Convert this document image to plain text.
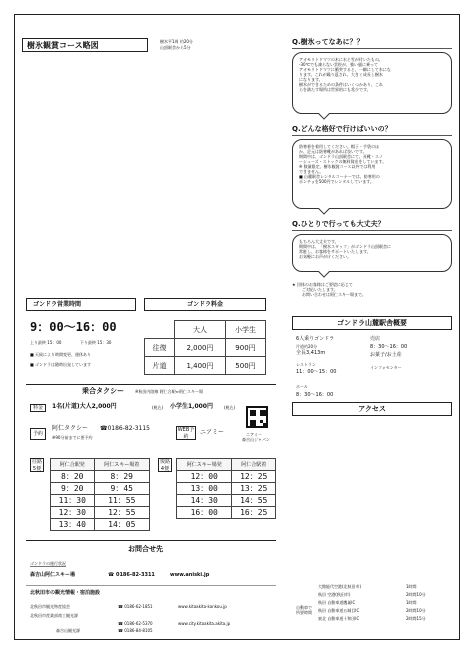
樹氷観賞コース略図	樹氷平1周 約20分
山頂駅舎から5分
Q.樹氷ってなあに？？
アオモリトドマツの木に水と雪が付いたもの。
-30℃でも凍らない雲粒が、強い風に乗って
アオモリトドマツに衝突すると、一瞬にして氷にな
ります。これが繰り返され、大きく成長し樹氷
になります。
樹氷ができるための条件はいくつかあり、これ
らを満たす場所は世界的にも希少です。
Q.どんな格好で行けばいいの？
防寒着を着用してください。帽子・手袋のほ
か、足元は防寒靴があれば良いです。
期間中は、ゴンドラ山頂駅舎にて、長靴・スノ
ーシューズ・ストックの無料貸出をしています。
※ 数量限定、樹氷観賞コース以外では利用
できません。
■ 山麓駅舎レンタルコーナーでは、防寒用の
ポンチョを500円でレンタルしています。
Q.ひとりで行っても大丈夫？
もちろん大丈夫です。
期間中は、「樹氷スタッフ」がゴンドラ山頂駅舎に
常駐し、お客様をサポートいたします。
お気軽にお声がけください。
★ 団体のお客様はご要望に応じて
ご対応いたします。
お問い合わせは阿仁スキー場まで。
ゴンドラ営業時間
9：00〜16：00
上り最終 15：00	下り最終 15：30
■ 天候により時間変更、運休あり
■ ゴンドラは随時出発しています
ゴンドラ料金
	大人	小学生
往復	2,000円	900円
片道	1,400円	500円
乗合タクシー	※秋田内陸線 阿仁合駅⇔阿仁スキー場
料金	1名(片道)大人2,000円	(税込) 小学生1,000円	(税込)
予約
阿仁タクシー ☎0186-82-3115
※90分前までに要予約
WEB予約
ニアミー	ニアミー
森吉山ジャパン
往路5便
阿仁合駅発	阿仁スキー場着
8：20	8：29
9：20	9：45
11：30	11：55
12：30	12：55
13：40	14：05
復路4便
阿仁スキー場発	阿仁合駅着
12：00	12：25
13：00	13：25
14：30	14：55
16：00	16：25
ゴンドラ山麓駅舎概要
6人乗りゴンドラ
片道約20分
全長3,413m
売店
8：30〜16：00
お菓子/お土産
レストラン
11：00〜15：00
インフォセンター
ホール
8：30〜16：00
アクセス
自動車で
所要時間
大館能代空港(北秋田市)	1時間
秋田 空港(秋田市)	2時間10分
秋田 自動車道鷹巣IC	1時間
秋田 自動車道五城目IC	2時間10分
東北 自動車道十和田IC	2時間15分
お問合せ先
ゴンドラの運行状況
森吉山阿仁スキー場	☎ 0186-82-3311	www.aniski.jp
北秋田市の観光情報・宿泊施設
北秋田市観光物産協会	☎ 0186-62-1851	www.kitaakita-kankou.jp
北秋田市産業部商工観光課
☎ 0186-62-5370	www.city.kitaakita.akita.jp
森吉山観光課	☎ 0186-84-8105
